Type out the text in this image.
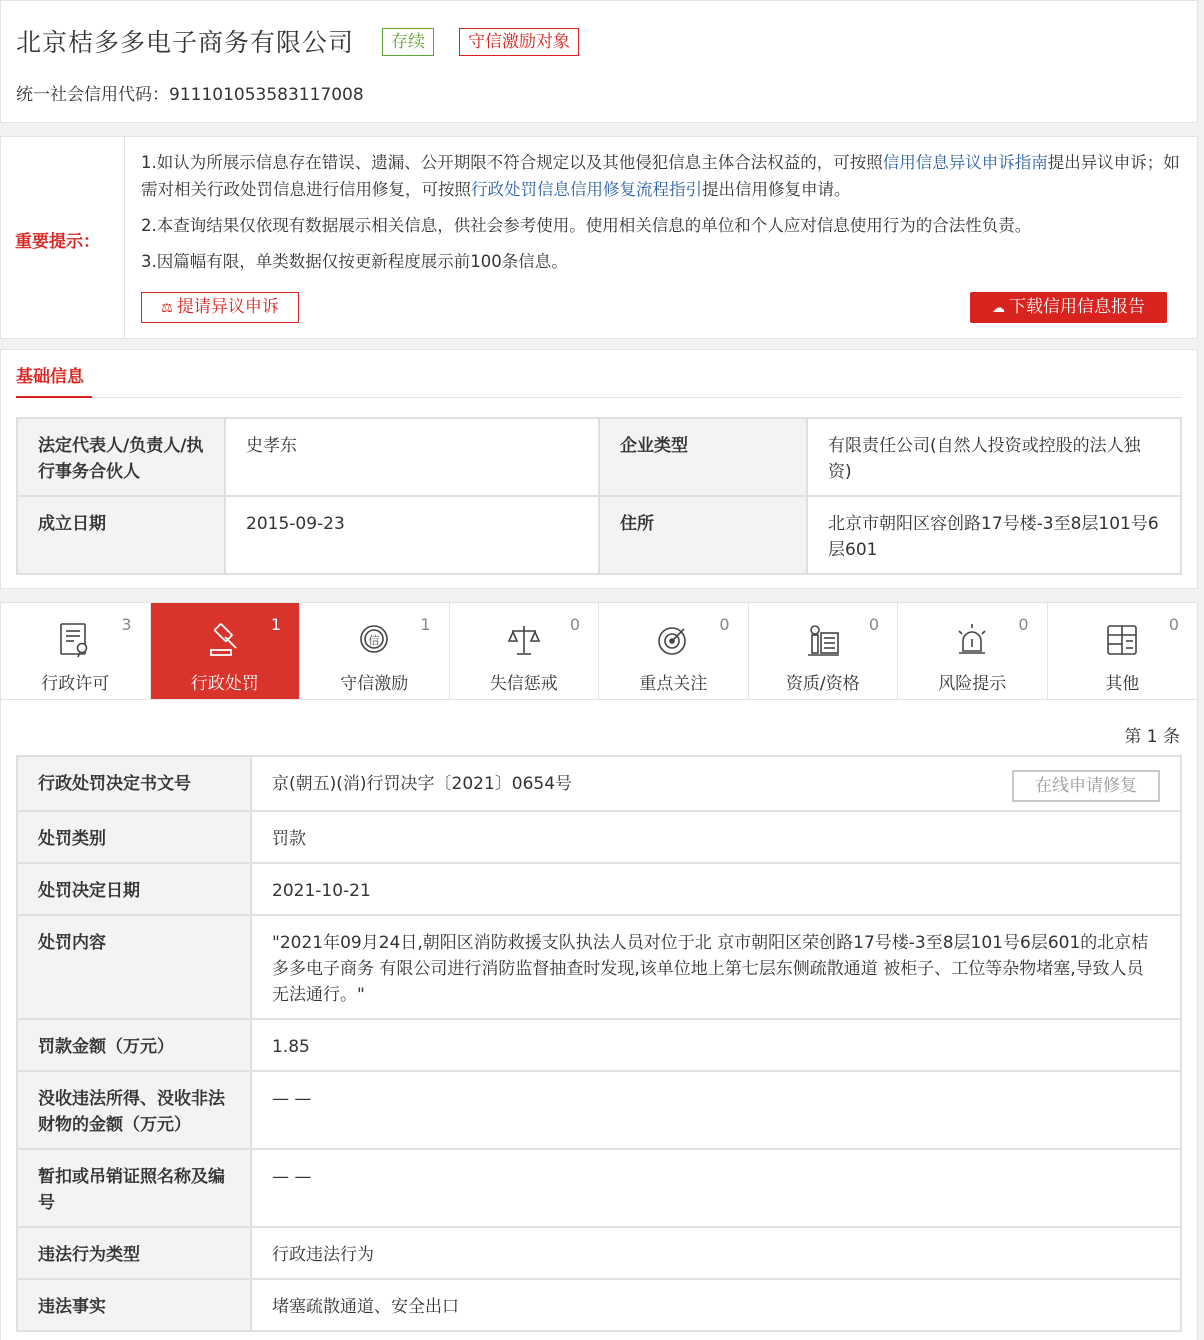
北京桔多多电子商务有限公司	存续	守信激励对象
统一社会信用代码：911101053583117008
重要提示：

1.如认为所展示信息存在错误、遗漏、公开期限不符合规定以及其他侵犯信息主体合法权益的，可按照信用信息异议申诉指南提出异议申诉；如需对相关行政处罚信息进行信用修复，可按照行政处罚信息信用修复流程指引提出信用修复申请。

2.本查询结果仅依现有数据展示相关信息，供社会参考使用。使用相关信息的单位和个人应对信息使用行为的合法性负责。

3.因篇幅有限，单类数据仅按更新程度展示前100条信息。

⚖ 提请异议申诉	☁ 下载信用信息报告
基础信息
法定代表人/负责人/执行事务合伙人	史孝东	企业类型	有限责任公司(自然人投资或控股的法人独资)
成立日期	2015-09-23	住所	北京市朝阳区容创路17号楼-3至8层101号6层601
行政许可
3
行政处罚
1
信
守信激励
1
失信惩戒
0
重点关注
0
资质/资格
0
风险提示
0
其他
0
第 1 条
行政处罚决定书文号	京(朝五)(消)行罚决字〔2021〕0654号 在线申请修复

处罚类别	罚款
处罚决定日期	2021-10-21
处罚内容	"2021年09月24日,朝阳区消防救援支队执法人员对位于北 京市朝阳区荣创路17号楼-3至8层101号6层601的北京桔多多电子商务 有限公司进行消防监督抽查时发现,该单位地上第七层东侧疏散通道 被柜子、工位等杂物堵塞,导致人员无法通行。"
罚款金额（万元）	1.85
没收违法所得、没收非法财物的金额（万元）	— —
暂扣或吊销证照名称及编号	— —
违法行为类型	行政违法行为
违法事实	堵塞疏散通道、安全出口
